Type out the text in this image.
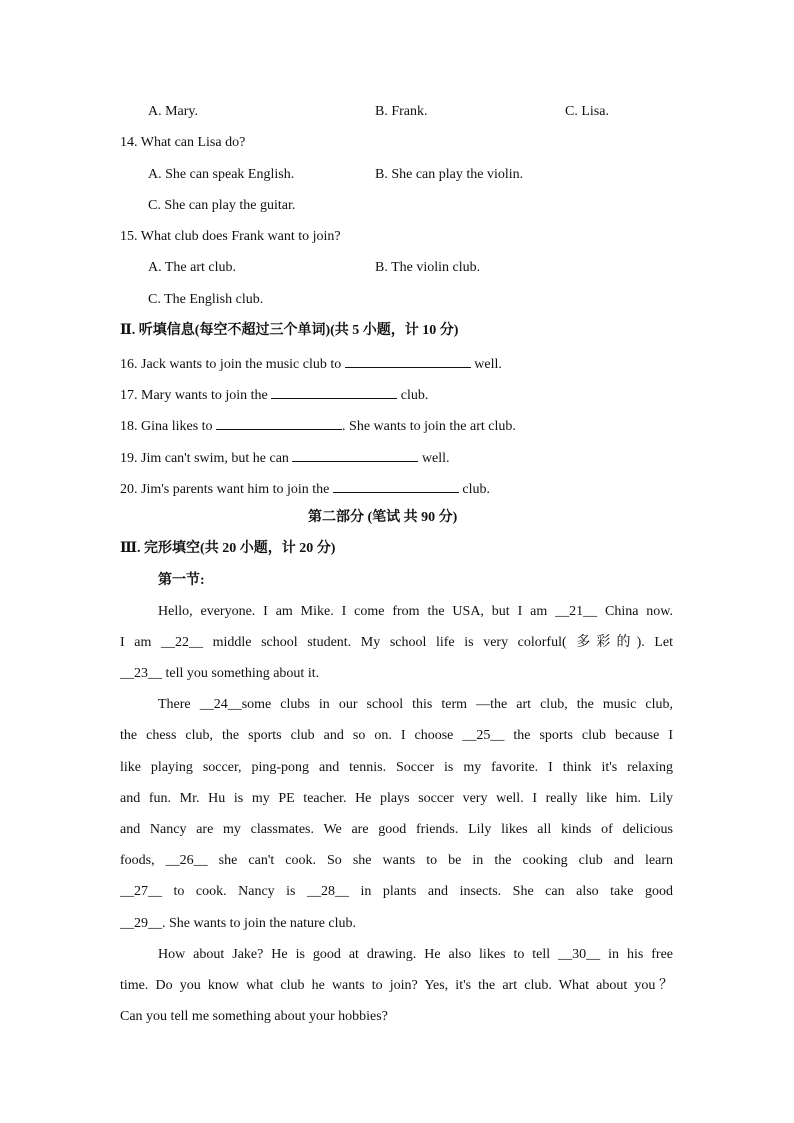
A. Mary.	B. Frank.	C. Lisa.
14. What can Lisa do?
A. She can speak English.	B. She can play the violin.
C. She can play the guitar.
15. What club does Frank want to join?
A. The art club.	B. The violin club.
C. The English club.
Ⅱ. 听填信息(每空不超过三个单词)(共 5 小题，计 10 分)
16. Jack wants to join the music club to	well.
17. Mary wants to join the	club.
18. Gina likes to	. She wants to join the art club.
19. Jim can't swim, but he can	well.
20. Jim's parents want him to join the	club.
第二部分 (笔试 共 90 分)
Ⅲ. 完形填空(共 20 小题，计 20 分)
第一节:
Hello, everyone. I am Mike. I come from the USA, but I am __21__ China now.
I am __22__ middle school student. My school life is very colorful( 多彩的). Let
__23__ tell you something about it.
There __24__some clubs in our school this term —the art club, the music club,
the chess club, the sports club and so on. I choose __25__ the sports club because I
like playing soccer, ping-pong and tennis. Soccer is my favorite. I think it's relaxing
and fun. Mr. Hu is my PE teacher. He plays soccer very well. I really like him. Lily
and Nancy are my classmates. We are good friends. Lily likes all kinds of delicious
foods, __26__ she can't cook. So she wants to be in the cooking club and learn
__27__ to cook. Nancy is __28__ in plants and insects. She can also take good
__29__. She wants to join the nature club.
How about Jake? He is good at drawing. He also likes to tell __30__ in his free
time. Do you know what club he wants to join? Yes, it's the art club. What about you？
Can you tell me something about your hobbies?
